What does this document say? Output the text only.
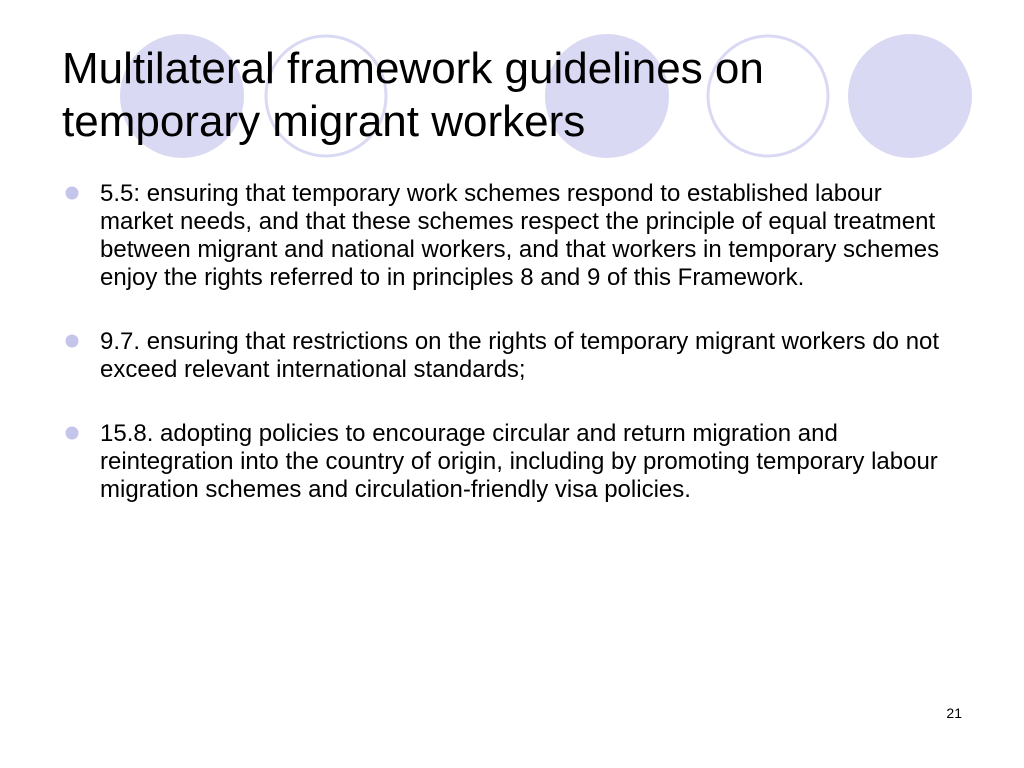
Multilateral framework guidelines on temporary migrant workers
5.5: ensuring that temporary work schemes respond to established labour market needs, and that these schemes respect the principle of equal treatment between migrant and national workers, and that workers in temporary schemes enjoy the rights referred to in principles 8 and 9 of this Framework.
9.7. ensuring that restrictions on the rights of temporary migrant workers do not exceed relevant international standards;
15.8. adopting policies to encourage circular and return migration and reintegration into the country of origin, including by promoting temporary labour migration schemes and circulation-friendly visa policies.
21
